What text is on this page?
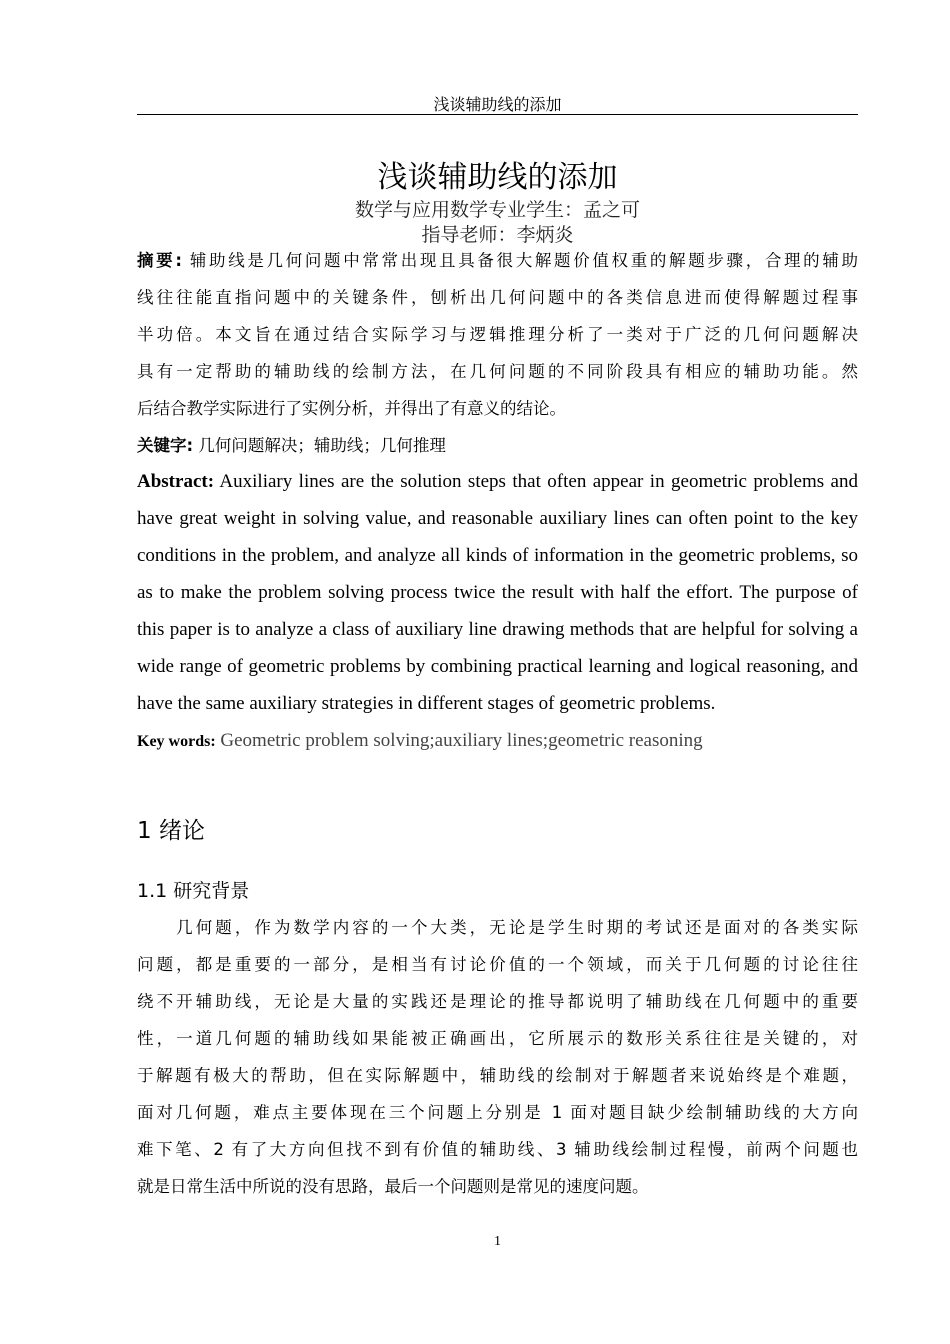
浅谈辅助线的添加
浅谈辅助线的添加
数学与应用数学专业学生：孟之可
指导老师：李炳炎
摘要: 辅助线是几何问题中常常出现且具备很大解题价值权重的解题步骤，合理的辅助
线往往能直指问题中的关键条件，刨析出几何问题中的各类信息进而使得解题过程事
半功倍。本文旨在通过结合实际学习与逻辑推理分析了一类对于广泛的几何问题解决
具有一定帮助的辅助线的绘制方法，在几何问题的不同阶段具有相应的辅助功能。然
后结合教学实际进行了实例分析，并得出了有意义的结论。
关键字: 几何问题解决；辅助线；几何推理
Abstract: Auxiliary lines are the solution steps that often appear in geometric problems and
have great weight in solving value, and reasonable auxiliary lines can often point to the key
conditions in the problem, and analyze all kinds of information in the geometric problems, so
as to make the problem solving process twice the result with half the effort. The purpose of
this paper is to analyze a class of auxiliary line drawing methods that are helpful for solving a
wide range of geometric problems by combining practical learning and logical reasoning, and
have the same auxiliary strategies in different stages of geometric problems.
Key words: Geometric problem solving;auxiliary lines;geometric reasoning
1 绪论
1.1 研究背景
　　几何题，作为数学内容的一个大类，无论是学生时期的考试还是面对的各类实际
问题，都是重要的一部分，是相当有讨论价值的一个领域，而关于几何题的讨论往往
绕不开辅助线，无论是大量的实践还是理论的推导都说明了辅助线在几何题中的重要
性，一道几何题的辅助线如果能被正确画出，它所展示的数形关系往往是关键的，对
于解题有极大的帮助，但在实际解题中，辅助线的绘制对于解题者来说始终是个难题，
面对几何题，难点主要体现在三个问题上分别是 1 面对题目缺少绘制辅助线的大方向
难下笔、2 有了大方向但找不到有价值的辅助线、3 辅助线绘制过程慢，前两个问题也
就是日常生活中所说的没有思路，最后一个问题则是常见的速度问题。
1
